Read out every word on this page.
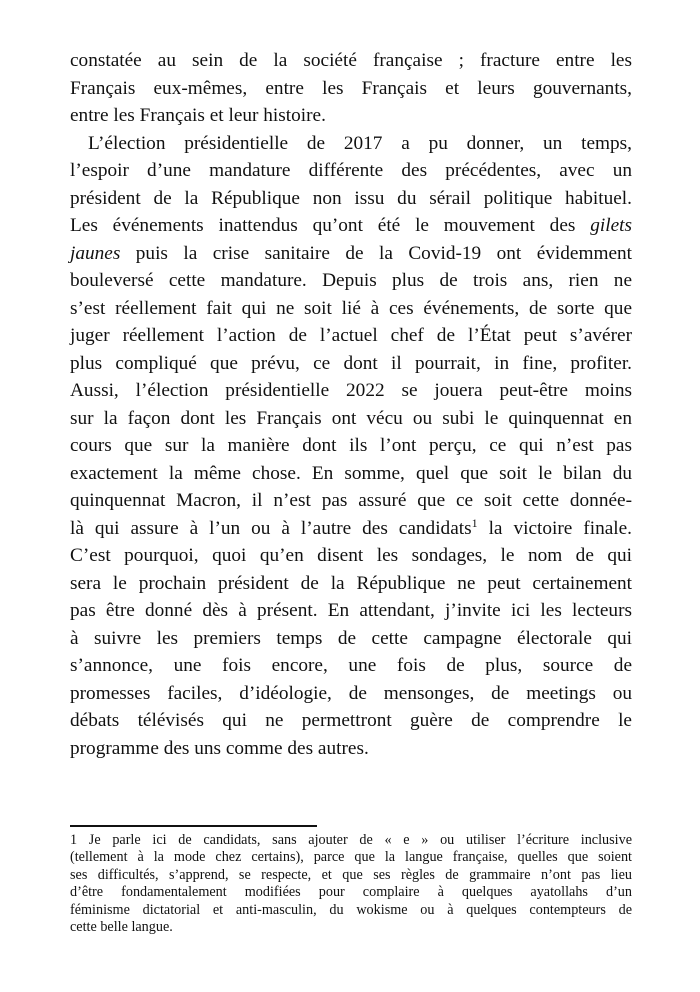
constatée au sein de la société française ; fracture entre les
Français eux-mêmes, entre les Français et leurs gouvernants,
entre les Français et leur histoire.
L’élection présidentielle de 2017 a pu donner, un temps,
l’espoir d’une mandature différente des précédentes, avec un
président de la République non issu du sérail politique habituel.
Les événements inattendus qu’ont été le mouvement des gilets
jaunes puis la crise sanitaire de la Covid-19 ont évidemment
bouleversé cette mandature. Depuis plus de trois ans, rien ne
s’est réellement fait qui ne soit lié à ces événements, de sorte que
juger réellement l’action de l’actuel chef de l’État peut s’avérer
plus compliqué que prévu, ce dont il pourrait, in fine, profiter.
Aussi, l’élection présidentielle 2022 se jouera peut-être moins
sur la façon dont les Français ont vécu ou subi le quinquennat en
cours que sur la manière dont ils l’ont perçu, ce qui n’est pas
exactement la même chose. En somme, quel que soit le bilan du
quinquennat Macron, il n’est pas assuré que ce soit cette donnée-
là qui assure à l’un ou à l’autre des candidats$^1$ la victoire finale.
C’est pourquoi, quoi qu’en disent les sondages, le nom de qui
sera le prochain président de la République ne peut certainement
pas être donné dès à présent. En attendant, j’invite ici les lecteurs
à suivre les premiers temps de cette campagne électorale qui
s’annonce, une fois encore, une fois de plus, source de
promesses faciles, d’idéologie, de mensonges, de meetings ou
débats télévisés qui ne permettront guère de comprendre le
programme des uns comme des autres.
1 Je parle ici de candidats, sans ajouter de « e » ou utiliser l’écriture inclusive
(tellement à la mode chez certains), parce que la langue française, quelles que soient
ses difficultés, s’apprend, se respecte, et que ses règles de grammaire n’ont pas lieu
d’être fondamentalement modifiées pour complaire à quelques ayatollahs d’un
féminisme dictatorial et anti-masculin, du wokisme ou à quelques contempteurs de
cette belle langue.
